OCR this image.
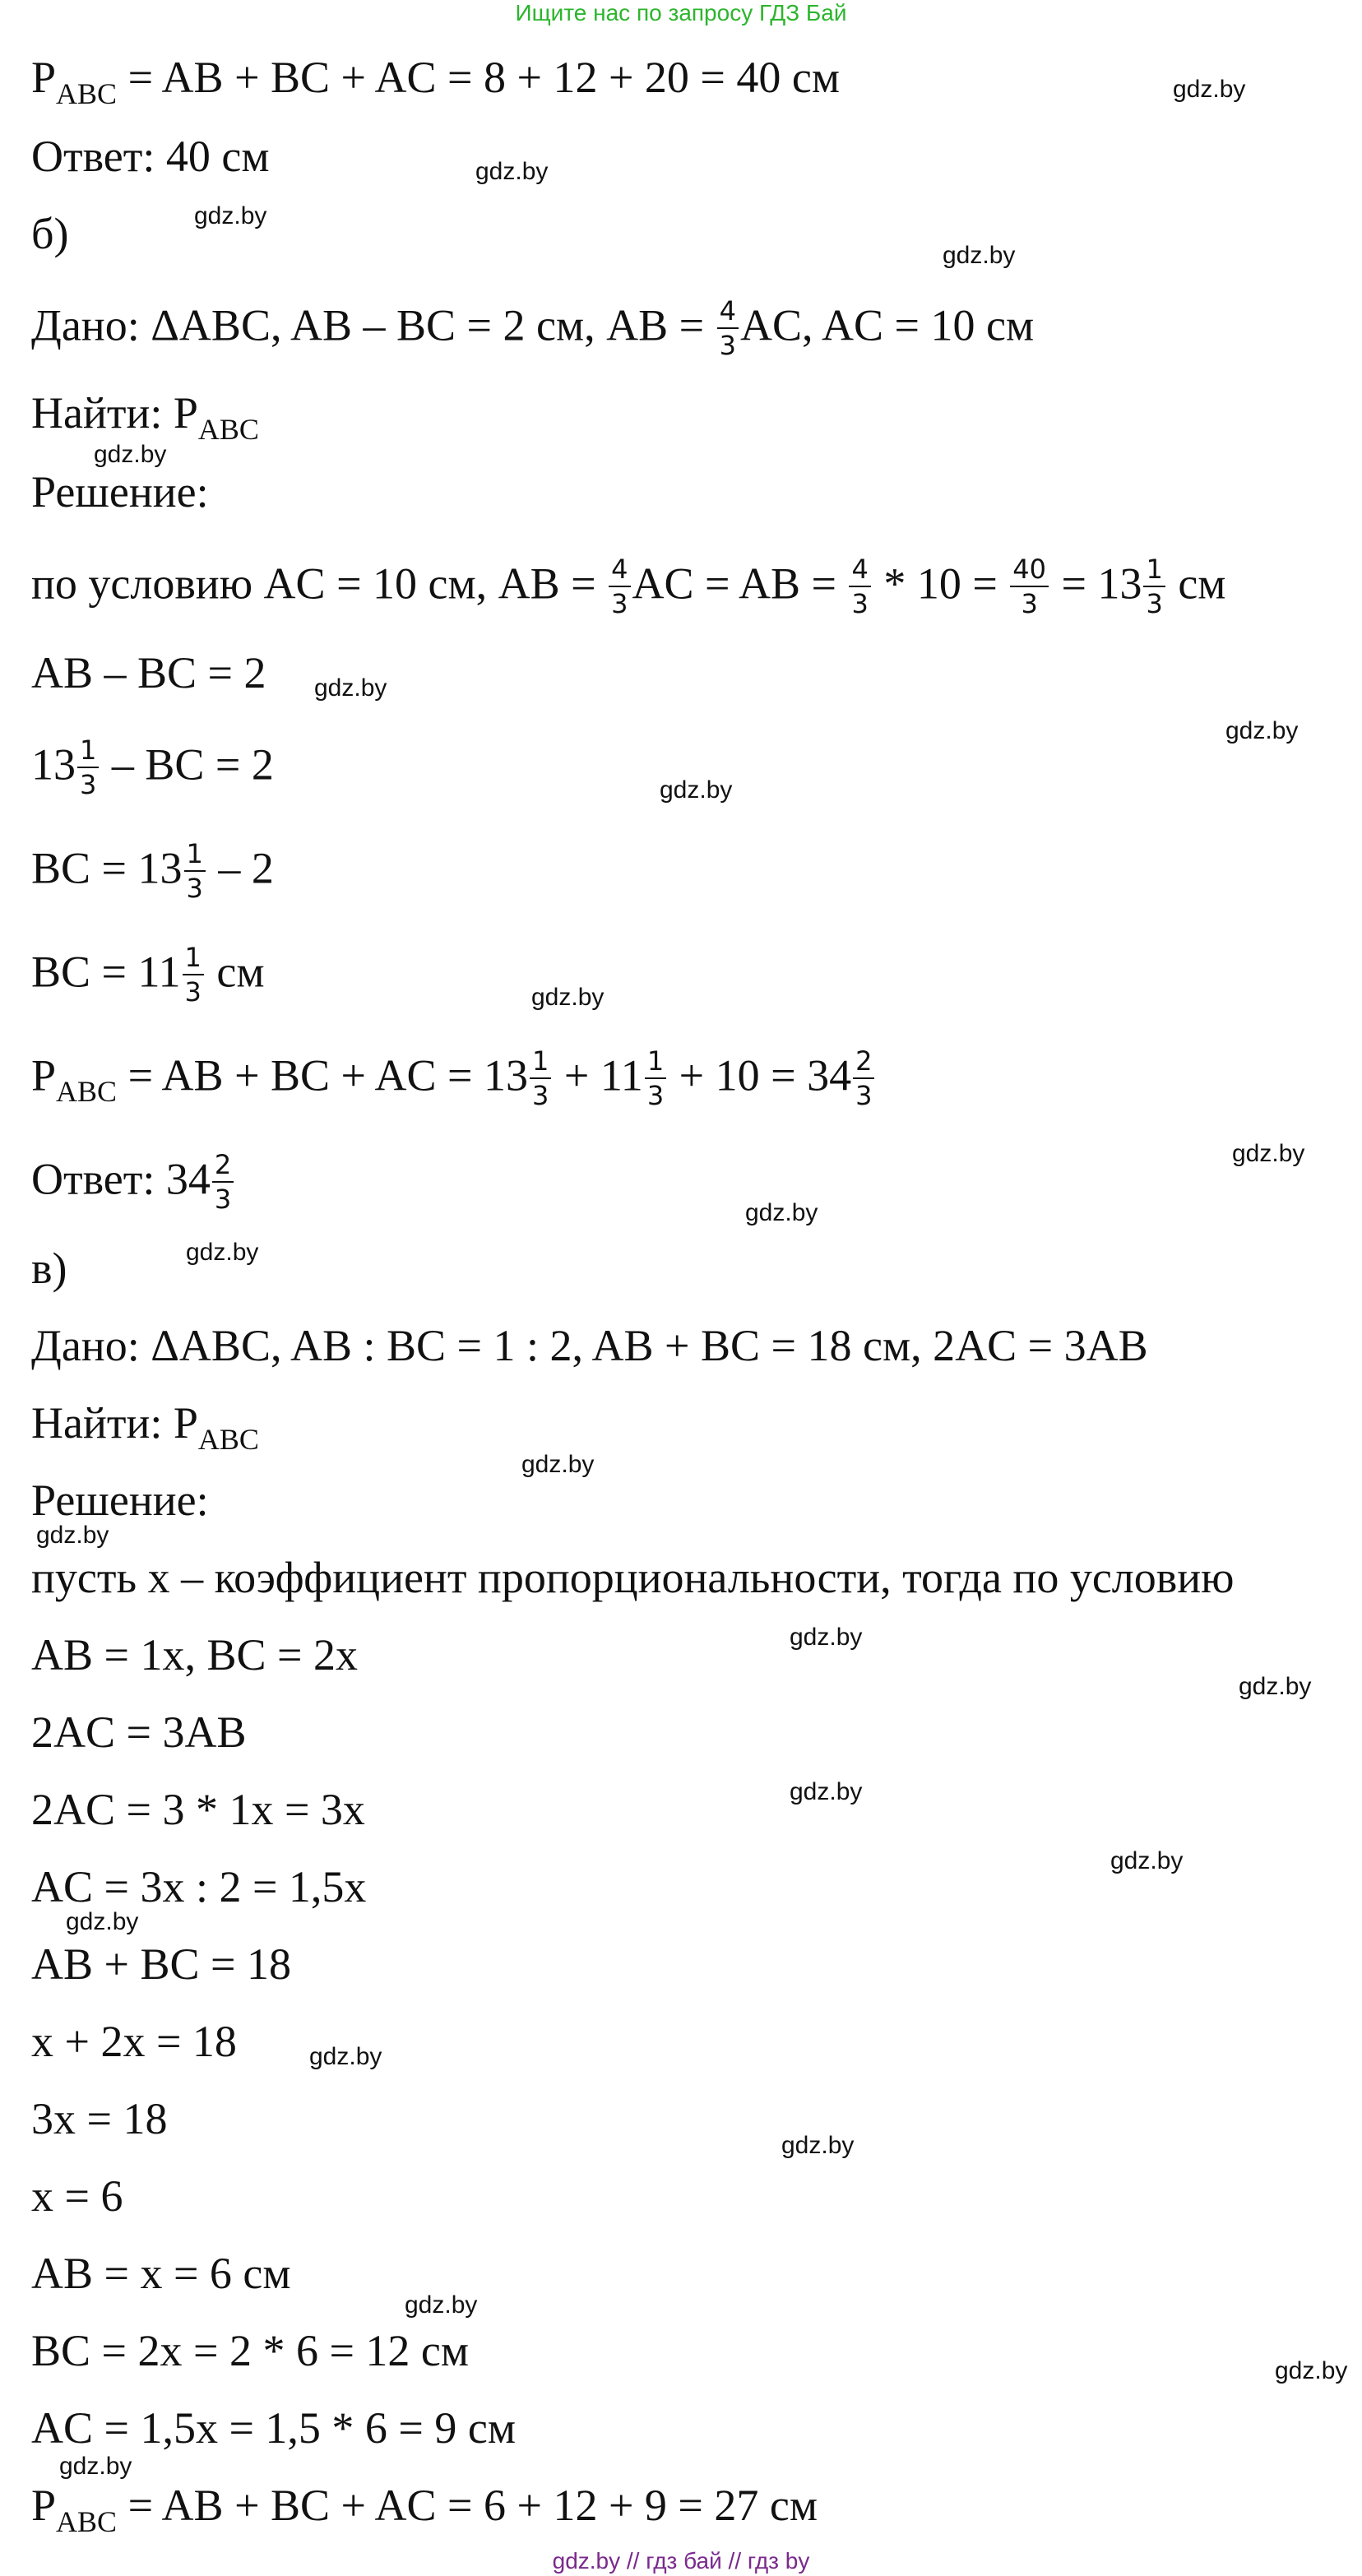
Ищите нас по запросу ГДЗ Бай
$P_{ABC}$ = AB + BC + AC = 8 + 12 + 20 = 40 см
Ответ: 40 см
б)
Дано: ΔABC, AB – BC = 2 см, AB = $\frac{4}{3}$ AC, AC = 10 см
Найти: $P_{ABC}$
Решение:
по условию AC = 10 см, AB = $\frac{4}{3}$ AC = AB = $\frac{4}{3} * 10 = \frac{40}{3} = 13 \frac{1}{3}$ см
AB – BC = 2
$13 \frac{1}{3}$ – BC = 2
BC = $13 \frac{1}{3} - 2$
BC = $11 \frac{1}{3}$ см
$P_{ABC}$ = AB + BC + AC = $13 \frac{1}{3} + 11 \frac{1}{3} + 10 = 34 \frac{2}{3}$
Ответ: $34 \frac{2}{3}$
в)
Дано: ΔABC, AB : BC = 1 : 2, AB + BC = 18 см, 2AC = 3AB
Найти: $P_{ABC}$
Решение:
пусть x – коэффициент пропорциональности, тогда по условию
AB = 1x, BC = 2x
2AC = 3AB
2AC = 3 * 1x = 3x
AC = 3x : 2 = 1,5x
AB + BC = 18
x + 2x = 18
3x = 18
x = 6
AB = x = 6 см
BC = 2x = 2 * 6 = 12 см
AC = 1,5x = 1,5 * 6 = 9 см
$P_{ABC}$ = AB + BC + AC = 6 + 12 + 9 = 27 см
gdz.by
gdz.by
gdz.by
gdz.by
gdz.by
gdz.by
gdz.by
gdz.by
gdz.by
gdz.by
gdz.by
gdz.by
gdz.by
gdz.by
gdz.by
gdz.by
gdz.by
gdz.by
gdz.by
gdz.by
gdz.by
gdz.by
gdz.by
gdz.by
gdz.by // гдз бай // гдз by
